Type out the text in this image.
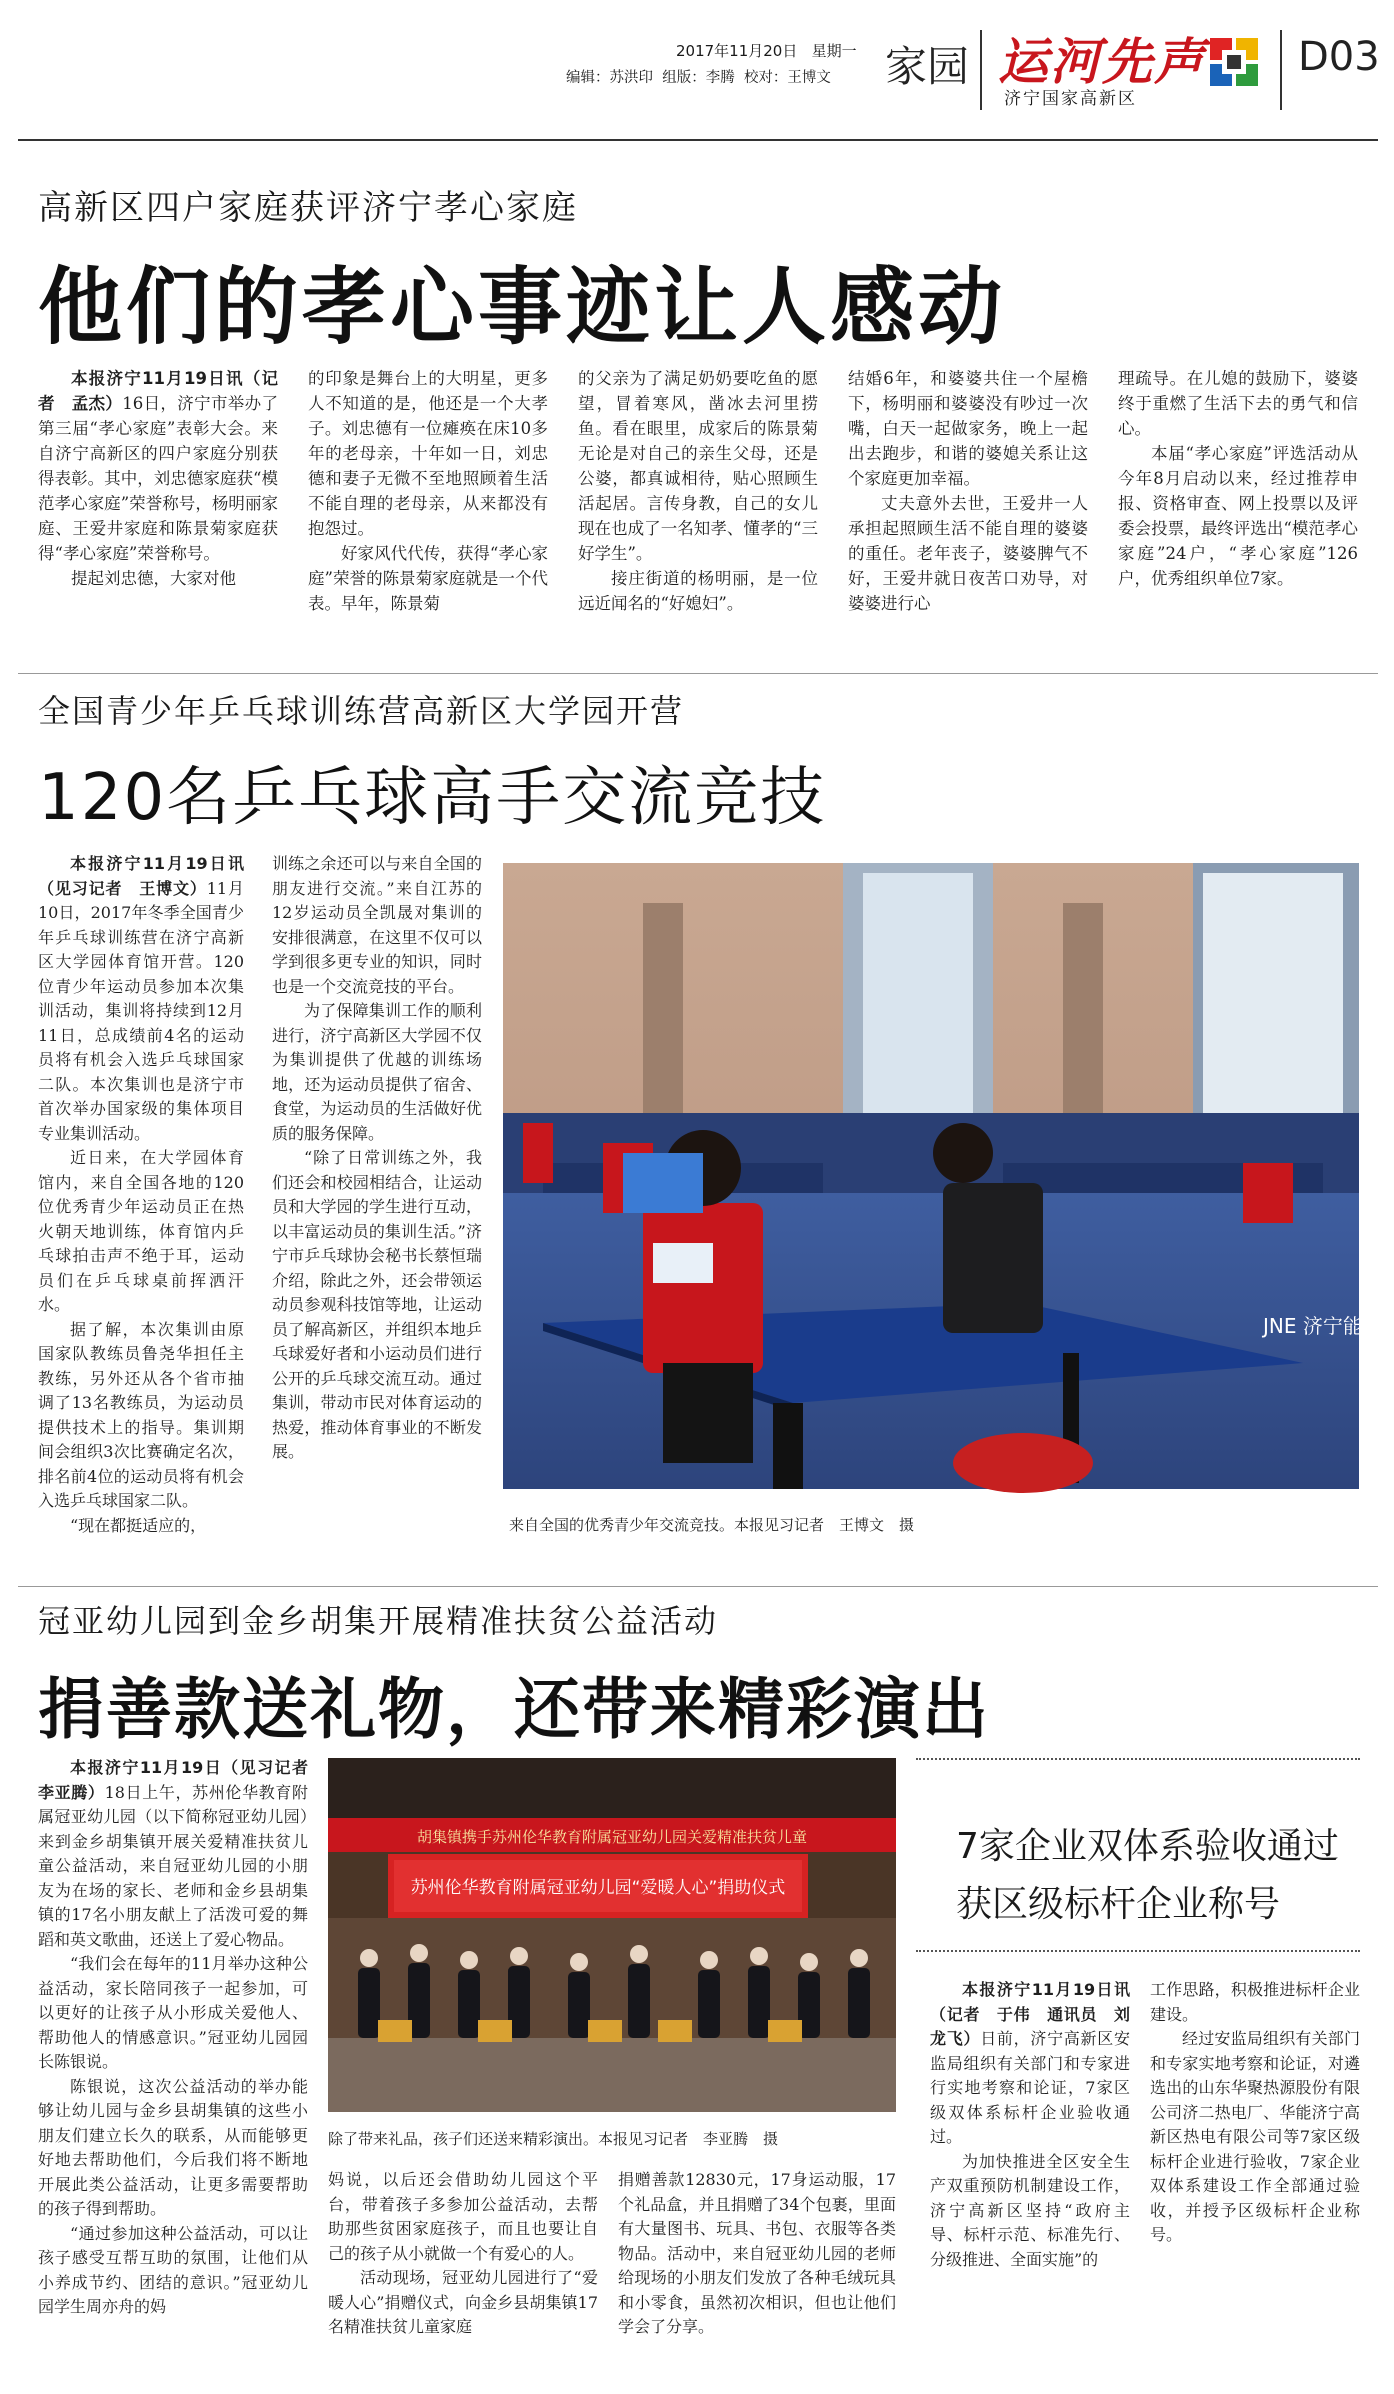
2017年11月20日 星期一
编辑：苏洪印 组版：李腾 校对：王博文 家园 运河先声
济宁国家高新区
D03
高新区四户家庭获评济宁孝心家庭
他们的孝心事迹让人感动

本报济宁11月19日讯（记者　孟杰）16日，济宁市举办了第三届“孝心家庭”表彰大会。来自济宁高新区的四户家庭分别获得表彰。其中，刘忠德家庭获“模范孝心家庭”荣誉称号，杨明丽家庭、王爱井家庭和陈景菊家庭获得“孝心家庭”荣誉称号。

提起刘忠德，大家对他

的印象是舞台上的大明星，更多人不知道的是，他还是一个大孝子。刘忠德有一位瘫痪在床10多年的老母亲，十年如一日，刘忠德和妻子无微不至地照顾着生活不能自理的老母亲，从来都没有抱怨过。

好家风代代传，获得“孝心家庭”荣誉的陈景菊家庭就是一个代表。早年，陈景菊

的父亲为了满足奶奶要吃鱼的愿望，冒着寒风，凿冰去河里捞鱼。看在眼里，成家后的陈景菊无论是对自己的亲生父母，还是公婆，都真诚相待，贴心照顾生活起居。言传身教，自己的女儿现在也成了一名知孝、懂孝的“三好学生”。

接庄街道的杨明丽，是一位远近闻名的“好媳妇”。

结婚6年，和婆婆共住一个屋檐下，杨明丽和婆婆没有吵过一次嘴，白天一起做家务，晚上一起出去跑步，和谐的婆媳关系让这个家庭更加幸福。

丈夫意外去世，王爱井一人承担起照顾生活不能自理的婆婆的重任。老年丧子，婆婆脾气不好，王爱井就日夜苦口劝导，对婆婆进行心

理疏导。在儿媳的鼓励下，婆婆终于重燃了生活下去的勇气和信心。

本届“孝心家庭”评选活动从今年8月启动以来，经过推荐申报、资格审查、网上投票以及评委会投票，最终评选出“模范孝心家庭”24户，“孝心家庭”126户，优秀组织单位7家。

全国青少年乒乓球训练营高新区大学园开营
120名乒乓球高手交流竞技

本报济宁11月19日讯（见习记者　王博文）11月10日，2017年冬季全国青少年乒乓球训练营在济宁高新区大学园体育馆开营。120位青少年运动员参加本次集训活动，集训将持续到12月11日，总成绩前4名的运动员将有机会入选乒乓球国家二队。本次集训也是济宁市首次举办国家级的集体项目专业集训活动。

近日来，在大学园体育馆内，来自全国各地的120位优秀青少年运动员正在热火朝天地训练，体育馆内乒乓球拍击声不绝于耳，运动员们在乒乓球桌前挥洒汗水。

据了解，本次集训由原国家队教练员鲁尧华担任主教练，另外还从各个省市抽调了13名教练员，为运动员提供技术上的指导。集训期间会组织3次比赛确定名次，排名前4位的运动员将有机会入选乒乓球国家二队。

“现在都挺适应的，

训练之余还可以与来自全国的朋友进行交流。”来自江苏的12岁运动员全凯晟对集训的安排很满意，在这里不仅可以学到很多更专业的知识，同时也是一个交流竞技的平台。

为了保障集训工作的顺利进行，济宁高新区大学园不仅为集训提供了优越的训练场地，还为运动员提供了宿舍、食堂，为运动员的生活做好优质的服务保障。

“除了日常训练之外，我们还会和校园相结合，让运动员和大学园的学生进行互动，以丰富运动员的集训生活。”济宁市乒乓球协会秘书长蔡恒瑞介绍，除此之外，还会带领运动员参观科技馆等地，让运动员了解高新区，并组织本地乒乓球爱好者和小运动员们进行公开的乒乓球交流互动。通过集训，带动市民对体育运动的热爱，推动体育事业的不断发展。

JNE 济宁能源
来自全国的优秀青少年交流竞技。本报见习记者　王博文　摄
冠亚幼儿园到金乡胡集开展精准扶贫公益活动
捐善款送礼物，还带来精彩演出

本报济宁11月19日（见习记者　李亚腾）18日上午，苏州伦华教育附属冠亚幼儿园（以下简称冠亚幼儿园）来到金乡胡集镇开展关爱精准扶贫儿童公益活动，来自冠亚幼儿园的小朋友为在场的家长、老师和金乡县胡集镇的17名小朋友献上了活泼可爱的舞蹈和英文歌曲，还送上了爱心物品。

“我们会在每年的11月举办这种公益活动，家长陪同孩子一起参加，可以更好的让孩子从小形成关爱他人、帮助他人的情感意识。”冠亚幼儿园园长陈银说。

陈银说，这次公益活动的举办能够让幼儿园与金乡县胡集镇的这些小朋友们建立长久的联系，从而能够更好地去帮助他们，今后我们将不断地开展此类公益活动，让更多需要帮助的孩子得到帮助。

“通过参加这种公益活动，可以让孩子感受互帮互助的氛围，让他们从小养成节约、团结的意识。”冠亚幼儿园学生周亦舟的妈

妈说，以后还会借助幼儿园这个平台，带着孩子多参加公益活动，去帮助那些贫困家庭孩子，而且也要让自己的孩子从小就做一个有爱心的人。

活动现场，冠亚幼儿园进行了“爱暖人心”捐赠仪式，向金乡县胡集镇17名精准扶贫儿童家庭

捐赠善款12830元，17身运动服，17个礼品盒，并且捐赠了34个包裹，里面有大量图书、玩具、书包、衣服等各类物品。活动中，来自冠亚幼儿园的老师给现场的小朋友们发放了各种毛绒玩具和小零食，虽然初次相识，但也让他们学会了分享。

胡集镇携手苏州伦华教育附属冠亚幼儿园关爱精准扶贫儿童
苏州伦华教育附属冠亚幼儿园“爱暖人心”捐助仪式
除了带来礼品，孩子们还送来精彩演出。本报见习记者　李亚腾　摄
7家企业双体系验收通过
获区级标杆企业称号

本报济宁11月19日讯（记者　于伟　通讯员　刘龙飞）日前，济宁高新区安监局组织有关部门和专家进行实地考察和论证，7家区级双体系标杆企业验收通过。

为加快推进全区安全生产双重预防机制建设工作，济宁高新区坚持“政府主导、标杆示范、标准先行、分级推进、全面实施”的

工作思路，积极推进标杆企业建设。

经过安监局组织有关部门和专家实地考察和论证，对遴选出的山东华聚热源股份有限公司济二热电厂、华能济宁高新区热电有限公司等7家区级标杆企业进行验收，7家企业双体系建设工作全部通过验收，并授予区级标杆企业称号。
